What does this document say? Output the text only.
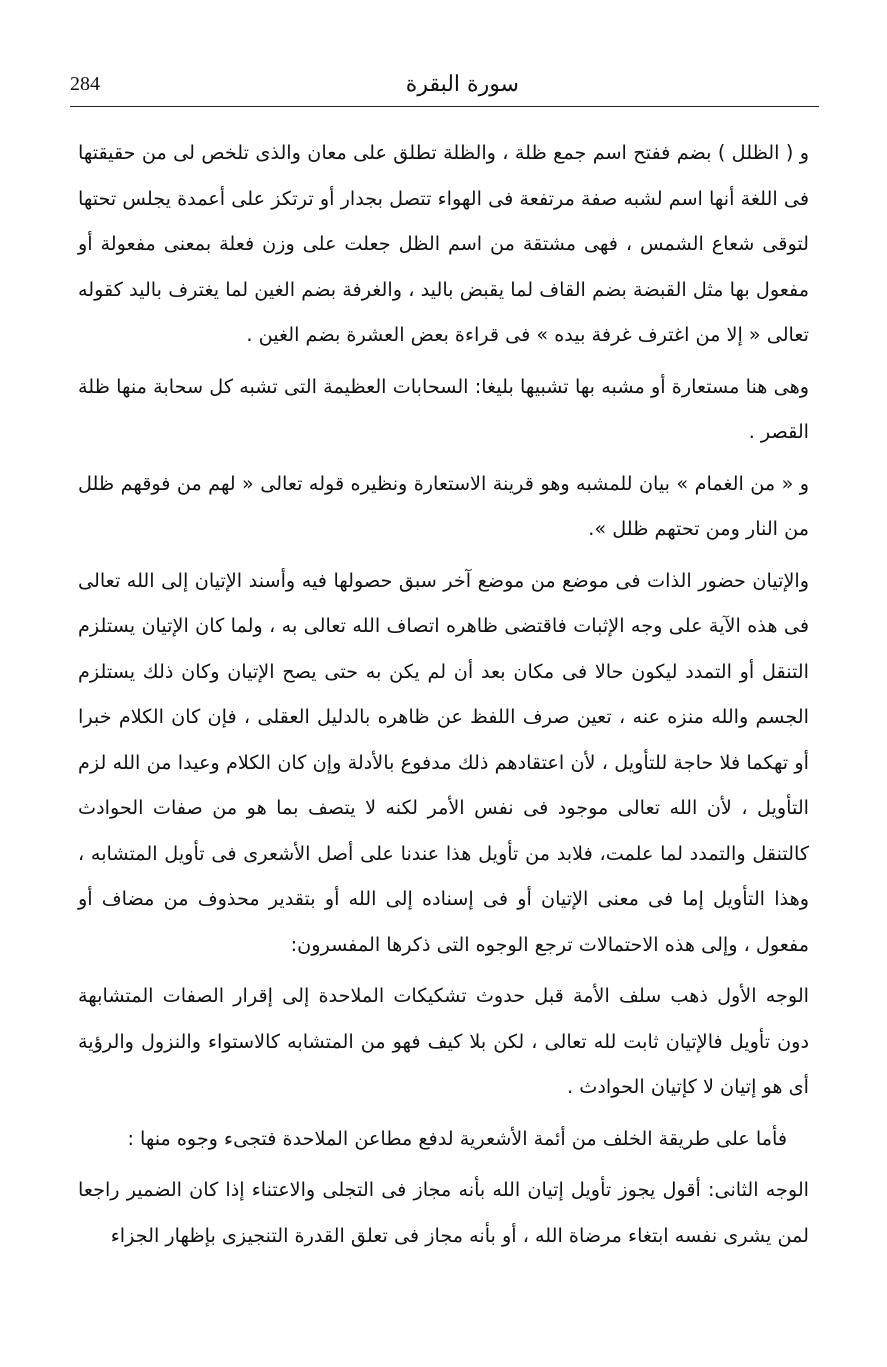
284	سورة البقرة

و ( الظلل ) بضم ففتح اسم جمع ظلة ، والظلة تطلق على معان والذى تلخص لى من حقيقتها فى اللغة أنها اسم لشبه صفة مرتفعة فى الهواء تتصل بجدار أو ترتكز على أعمدة يجلس تحتها لتوقى شعاع الشمس ، فهى مشتقة من اسم الظل جعلت على وزن فعلة بمعنى مفعولة أو مفعول بها مثل القبضة بضم القاف لما يقبض باليد ، والغرفة بضم الغين لما يغترف باليد كقوله تعالى « إلا من اغترف غرفة بيده » فى قراءة بعض العشرة بضم الغين .

وهى هنا مستعارة أو مشبه بها تشبيها بليغا: السحابات العظيمة التى تشبه كل سحابة منها ظلة القصر .

و « من الغمام » بيان للمشبه وهو قرينة الاستعارة ونظيره قوله تعالى « لهم من فوقهم ظلل من النار ومن تحتهم ظلل ».

والإتيان حضور الذات فى موضع من موضع آخر سبق حصولها فيه وأسند الإتيان إلى الله تعالى فى هذه الآية على وجه الإثبات فاقتضى ظاهره اتصاف الله تعالى به ، ولما كان الإتيان يستلزم التنقل أو التمدد ليكون حالا فى مكان بعد أن لم يكن به حتى يصح الإتيان وكان ذلك يستلزم الجسم والله منزه عنه ، تعين صرف اللفظ عن ظاهره بالدليل العقلى ، فإن كان الكلام خبرا أو تهكما فلا حاجة للتأويل ، لأن اعتقادهم ذلك مدفوع بالأدلة وإن كان الكلام وعيدا من الله لزم التأويل ، لأن الله تعالى موجود فى نفس الأمر لكنه لا يتصف بما هو من صفات الحوادث كالتنقل والتمدد لما علمت، فلابد من تأويل هذا عندنا على أصل الأشعرى فى تأويل المتشابه ، وهذا التأويل إما فى معنى الإتيان أو فى إسناده إلى الله أو بتقدير محذوف من مضاف أو مفعول ، وإلى هذه الاحتمالات ترجع الوجوه التى ذكرها المفسرون:

الوجه الأول ذهب سلف الأمة قبل حدوث تشكيكات الملاحدة إلى إقرار الصفات المتشابهة دون تأويل فالإتيان ثابت لله تعالى ، لكن بلا كيف فهو من المتشابه كالاستواء والنزول والرؤية أى هو إتيان لا كإتيان الحوادث .

فأما على طريقة الخلف من أئمة الأشعرية لدفع مطاعن الملاحدة فتجىء وجوه منها :

الوجه الثانى: أقول يجوز تأويل إتيان الله بأنه مجاز فى التجلى والاعتناء إذا كان الضمير راجعا لمن يشرى نفسه ابتغاء مرضاة الله ، أو بأنه مجاز فى تعلق القدرة التنجيزى بإظهار الجزاء
